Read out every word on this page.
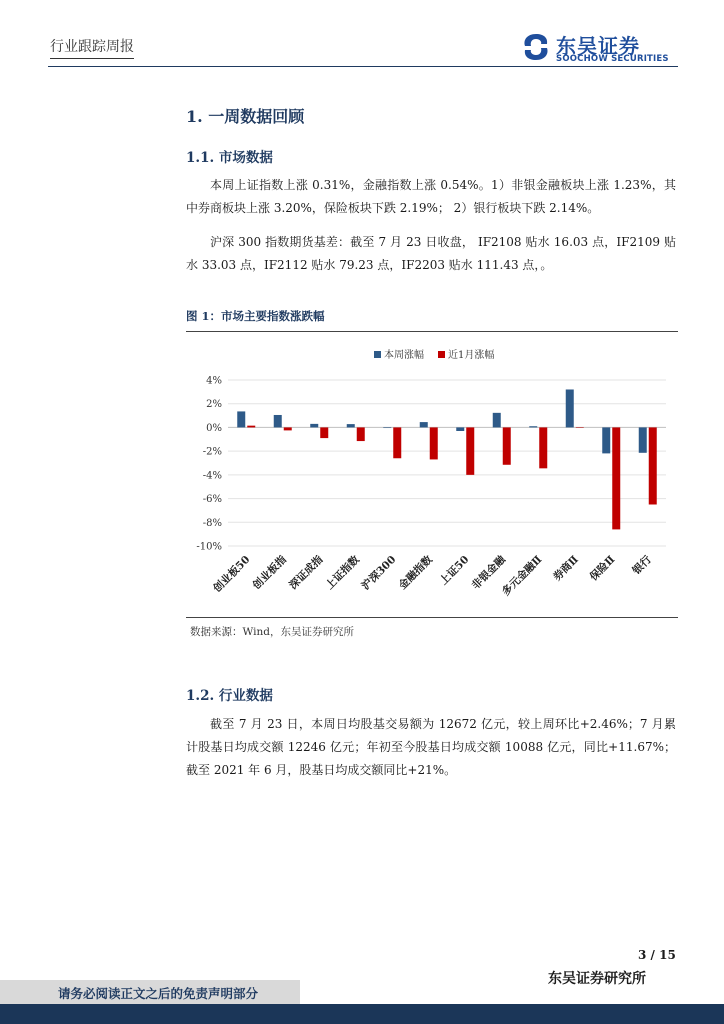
行业跟踪周报	东吴证券
SOOCHOW SECURITIES
1. 一周数据回顾
1.1. 市场数据

本周上证指数上涨 0.31%，金融指数上涨 0.54%。1）非银金融板块上涨 1.23%，其中券商板块上涨 3.20%，保险板块下跌 2.19%； 2）银行板块下跌 2.14%。

沪深 300 指数期货基差：截至 7 月 23 日收盘， IF2108 贴水 16.03 点，IF2109 贴水 33.03 点，IF2112 贴水 79.23 点，IF2203 贴水 111.43 点，。

图 1：市场主要指数涨跌幅
本周涨幅 近1月涨幅
4%
2%
0%
-2%
-4%
-6%
-8%
-10%
创业板50
创业板指
深证成指
上证指数
沪深300
金融指数 上证50
非银金融
多元金融Ⅱ 券商Ⅱ 保险Ⅱ 银行
数据来源：Wind，东吴证券研究所
1.2. 行业数据

截至 7 月 23 日，本周日均股基交易额为 12672 亿元，较上周环比+2.46%；7 月累计股基日均成交额 12246 亿元；年初至今股基日均成交额 10088 亿元，同比+11.67%；截至 2021 年 6 月，股基日均成交额同比+21%。

3 / 15
东吴证券研究所
请务必阅读正文之后的免责声明部分
